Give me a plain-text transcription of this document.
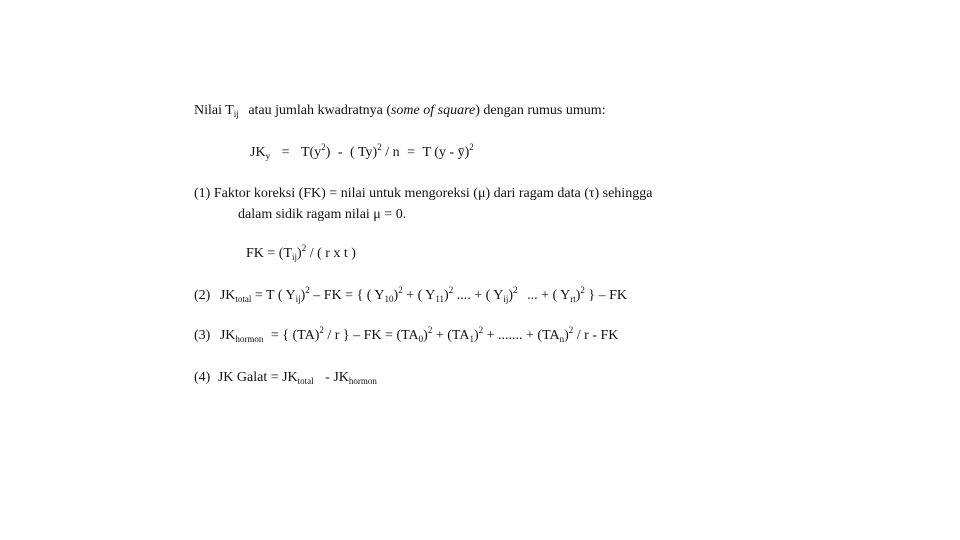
Nilai $T_{ij}$ atau jumlah kwadratnya (some of square) dengan rumus umum:
$JK_y = T(y^2)$ - ( Ty)$^2$ / n = T (y - ȳ)$^2$
(1) Faktor koreksi (FK) = nilai untuk mengoreksi (μ) dari ragam data (τ) sehingga
dalam sidik ragam nilai μ = 0.
FK = $(T_{ij})^2$ / ( r x t )
(2) $JK_{total} = T$ ( $Y_{ij})^2$ – FK = { ( $Y_{10})^2$ + ( $Y_{11})^2$ .... + ( $Y_{ij})^2$ ... + ( $Y_{rt})^2$ } – FK
(3) $JK_{hormon}$ = { (TA)$^2$ / r } – FK = $(TA_0)^2 + (TA_1)^2$ + ....... + $(TA_n)^2$ / r - FK
(4) JK Galat = $JK_{total} - JK_{hormon}$
